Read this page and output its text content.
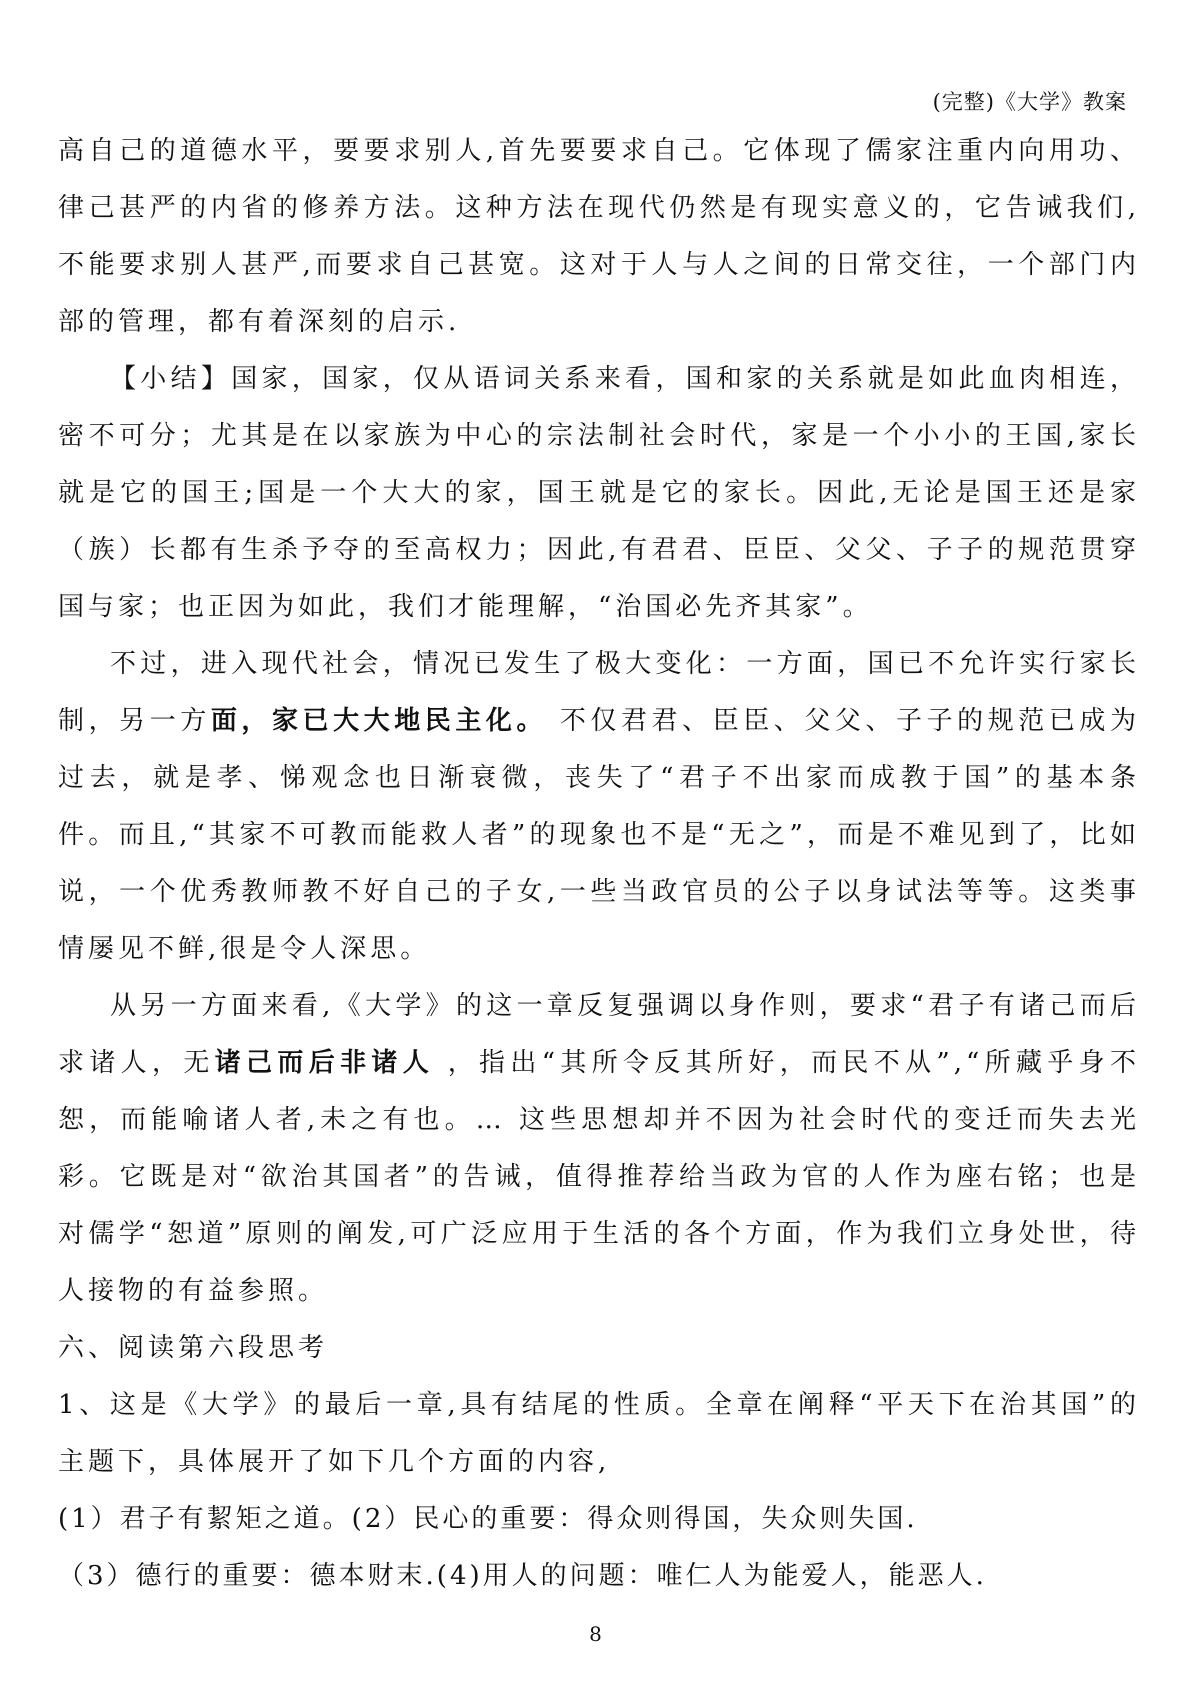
(完整)《大学》教案

高自己的道德水平，要要求别人,首先要要求自己。它体现了儒家注重内向用功、律己甚严的内省的修养方法。这种方法在现代仍然是有现实意义的，它告诫我们,不能要求别人甚严,而要求自己甚宽。这对于人与人之间的日常交往，一个部门内部的管理，都有着深刻的启示.

【小结】国家，国家，仅从语词关系来看，国和家的关系就是如此血肉相连，密不可分；尤其是在以家族为中心的宗法制社会时代，家是一个小小的王国,家长就是它的国王;国是一个大大的家，国王就是它的家长。因此,无论是国王还是家（族）长都有生杀予夺的至高权力；因此,有君君、臣臣、父父、子子的规范贯穿国与家；也正因为如此，我们才能理解，“治国必先齐其家”。

不过，进入现代社会，情况已发生了极大变化：一方面，国已不允许实行家长制，另一方面，家已大大地民主化。 不仅君君、臣臣、父父、子子的规范已成为过去，就是孝、悌观念也日渐衰微，丧失了“君子不出家而成教于国”的基本条件。而且,“其家不可教而能救人者”的现象也不是“无之”，而是不难见到了，比如说，一个优秀教师教不好自己的子女,一些当政官员的公子以身试法等等。这类事情屡见不鲜,很是令人深思。

从另一方面来看,《大学》的这一章反复强调以身作则，要求“君子有诸己而后求诸人，无诸己而后非诸人 ，指出“其所令反其所好，而民不从”,“所藏乎身不恕，而能喻诸人者,未之有也。… 这些思想却并不因为社会时代的变迁而失去光彩。它既是对“欲治其国者”的告诫，值得推荐给当政为官的人作为座右铭；也是对儒学“恕道”原则的阐发,可广泛应用于生活的各个方面，作为我们立身处世，待人接物的有益参照。

六、阅读第六段思考

1、这是《大学》的最后一章,具有结尾的性质。全章在阐释“平天下在治其国”的主题下，具体展开了如下几个方面的内容,

(1）君子有絜矩之道。(2）民心的重要：得众则得国，失众则失国.

（3）德行的重要：德本财末.(4)用人的问题：唯仁人为能爱人，能恶人.

8
